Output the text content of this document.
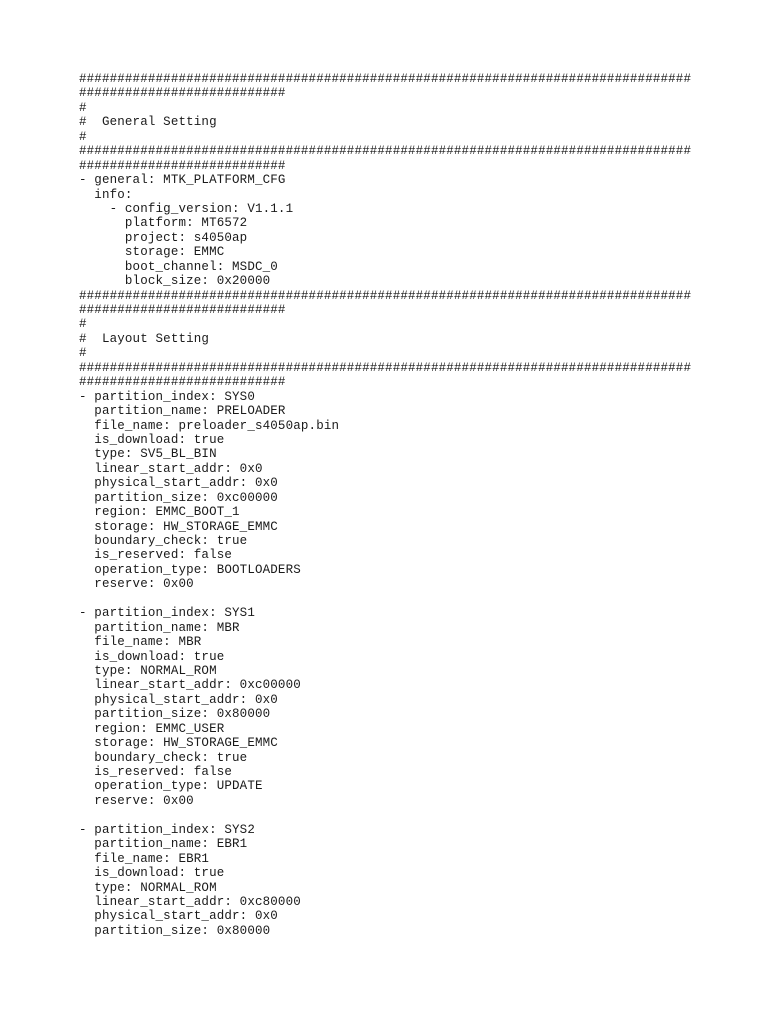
################################################################################
###########################
#
#  General Setting
#
################################################################################
###########################
- general: MTK_PLATFORM_CFG
info:
- config_version: V1.1.1
platform: MT6572
project: s4050ap
storage: EMMC
boot_channel: MSDC_0
block_size: 0x20000
################################################################################
###########################
#
#  Layout Setting
#
################################################################################
###########################
- partition_index: SYS0
partition_name: PRELOADER
file_name: preloader_s4050ap.bin
is_download: true
type: SV5_BL_BIN
linear_start_addr: 0x0
physical_start_addr: 0x0
partition_size: 0xc00000
region: EMMC_BOOT_1
storage: HW_STORAGE_EMMC
boundary_check: true
is_reserved: false
operation_type: BOOTLOADERS
reserve: 0x00
- partition_index: SYS1
partition_name: MBR
file_name: MBR
is_download: true
type: NORMAL_ROM
linear_start_addr: 0xc00000
physical_start_addr: 0x0
partition_size: 0x80000
region: EMMC_USER
storage: HW_STORAGE_EMMC
boundary_check: true
is_reserved: false
operation_type: UPDATE
reserve: 0x00
- partition_index: SYS2
partition_name: EBR1
file_name: EBR1
is_download: true
type: NORMAL_ROM
linear_start_addr: 0xc80000
physical_start_addr: 0x0
partition_size: 0x80000
